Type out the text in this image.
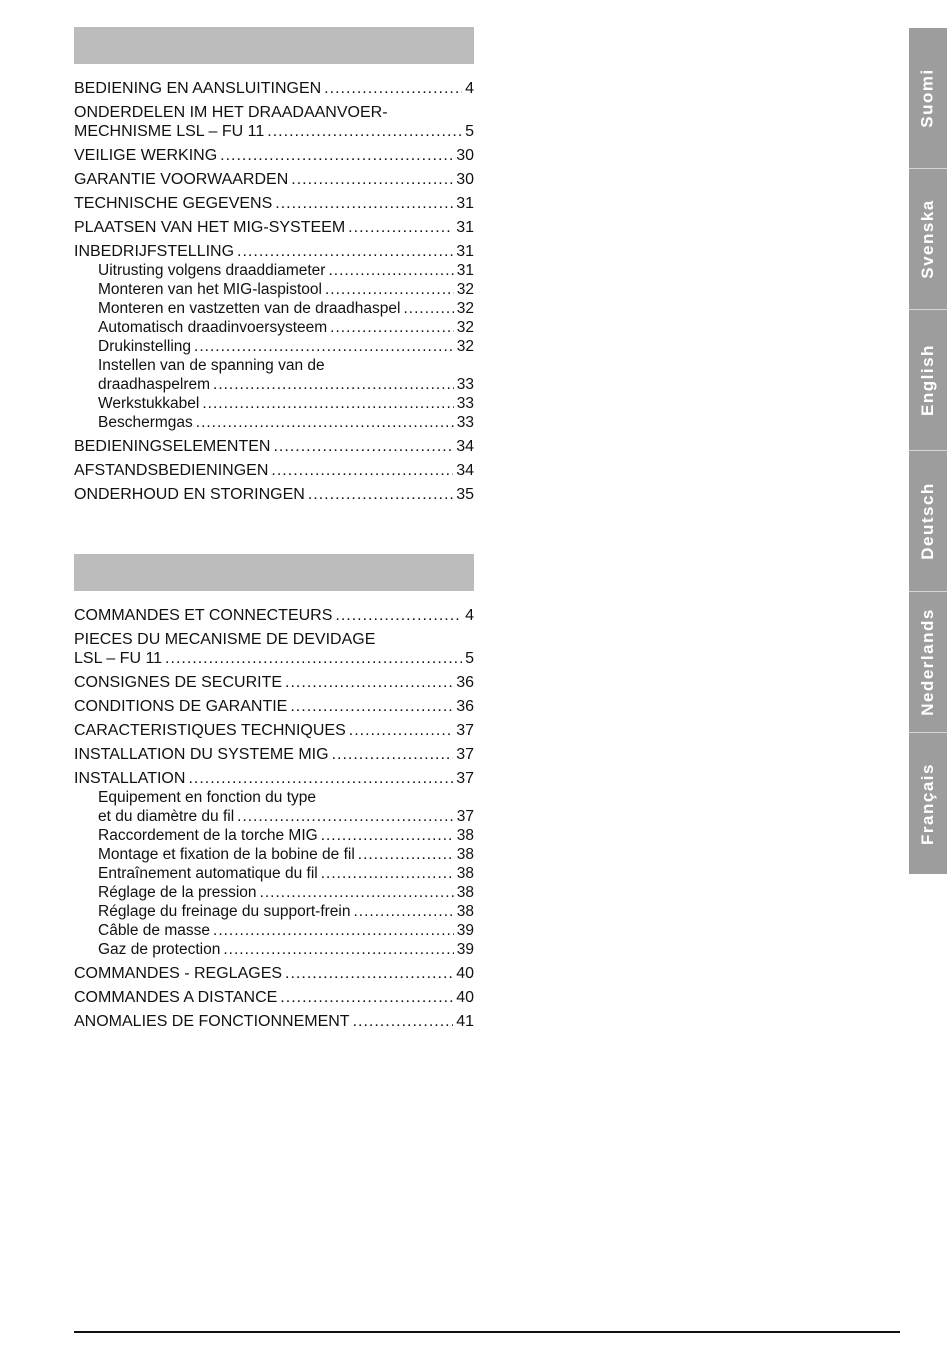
BEDIENING EN AANSLUITINGEN .....	4
ONDERDELEN IM HET DRAADAANVOER-
MECHNISME LSL – FU 11 .....	5
VEILIGE WERKING .....	30
GARANTIE VOORWAARDEN .....	30
TECHNISCHE GEGEVENS .....	31
PLAATSEN VAN HET MIG-SYSTEEM .....	31
INBEDRIJFSTELLING .....	31
Uitrusting volgens draaddiameter .....	31
Monteren van het MIG-laspistool .....	32
Monteren en vastzetten van de draadhaspel .....	32
Automatisch draadinvoersysteem .....	32
Drukinstelling .....	32
Instellen van de spanning van de
draadhaspelrem .....	33
Werkstukkabel .....	33
Beschermgas .....	33
BEDIENINGSELEMENTEN .....	34
AFSTANDSBEDIENINGEN .....	34
ONDERHOUD EN STORINGEN .....	35
COMMANDES ET CONNECTEURS .....	4
PIECES DU MECANISME DE DEVIDAGE
LSL – FU 11 .....	5
CONSIGNES DE SECURITE .....	36
CONDITIONS DE GARANTIE .....	36
CARACTERISTIQUES TECHNIQUES .....	37
INSTALLATION DU SYSTEME MIG .....	37
INSTALLATION .....	37
Equipement en fonction du type
et du diamètre du fil .....	37
Raccordement de la torche MIG .....	38
Montage et fixation de la bobine de fil .....	38
Entraînement automatique du fil .....	38
Réglage de la pression .....	38
Réglage du freinage du support-frein .....	38
Câble de masse .....	39
Gaz de protection .....	39
COMMANDES - REGLAGES .....	40
COMMANDES A DISTANCE .....	40
ANOMALIES DE FONCTIONNEMENT .....	41
Suomi
Svenska
English
Deutsch
Nederlands
Français
